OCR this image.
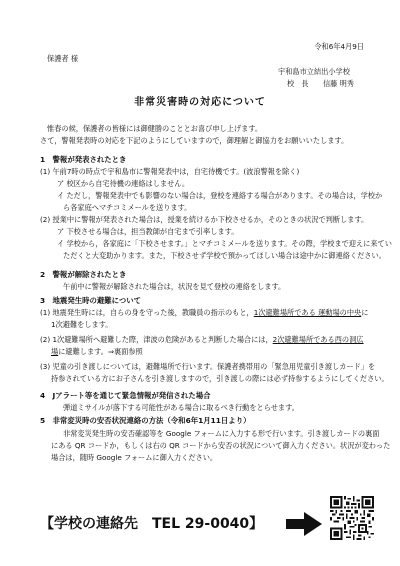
令和6年4月9日
保護者 様
宇和島市立結出小学校
校　長　　信藤 明秀
非常災害時の対応について
惟春の候，保護者の皆様には御健勝のこととお喜び申し上げます。
さて，警報発表時の対応を下記のようにしていますので，御理解と御協力をお願いいたします。
1　警報が発表されたとき
(1) 午前7時の時点で宇和島市に警報発表中は，自宅待機です。(波浪警報を除く)
ア 校区から自宅待機の連絡はしません。
イ ただし，警報発表中でも影響のない場合は，登校を連絡する場合があります。その場合は，学校か
ら各家庭へマチコミメールを送ります。
(2) 授業中に警報が発表された場合は，授業を続けるか下校させるか，そのときの状況で判断します。
ア 下校させる場合は，担当教師が自宅まで引率します。
イ 学校から，各家庭に「下校させます。」とマチコミメールを送ります。その際，学校まで迎えに来てい
ただくと大変助かります。また，下校させず学校で預かってほしい場合は途中かに御連絡ください。
2　警報が解除されたとき
午前中に警報が解除された場合は，状況を見て登校の連絡をします。
3　地震発生時の避難について
(1) 地震発生時には，自らの身を守った後，教職員の指示のもと，1次避難場所である 運動場の中央に
1次避難をします。
(2) 1次避難場所へ避難した際，津波の危険があると判断した場合には，2次避難場所である西の洞広
場に避難します。⇒裏面参照
(3) 児童の引き渡しについては，避難場所で行います。保護者携帯用の「緊急用児童引き渡しカード」を
持参されている方にお子さんを引き渡しますので，引き渡しの際には必ず持参するようにしてください。
4　Jアラート等を通じて緊急情報が発信された場合
弾道ミサイルが落下する可能性がある場合に取るべき行動をとらせます。
5　非常変災時の安否状況連絡の方法（令和6年1月11日より）
非常変災発生時の安否確認等を Google フォームに入力する形で行います。引き渡しカードの裏面
にある QR コードか，もしくは右の QR コードから安否の状況について御入力ください。状況が変わった
場合は，随時 Google フォームに御入力ください。
【学校の連絡先　TEL 29-0040】
